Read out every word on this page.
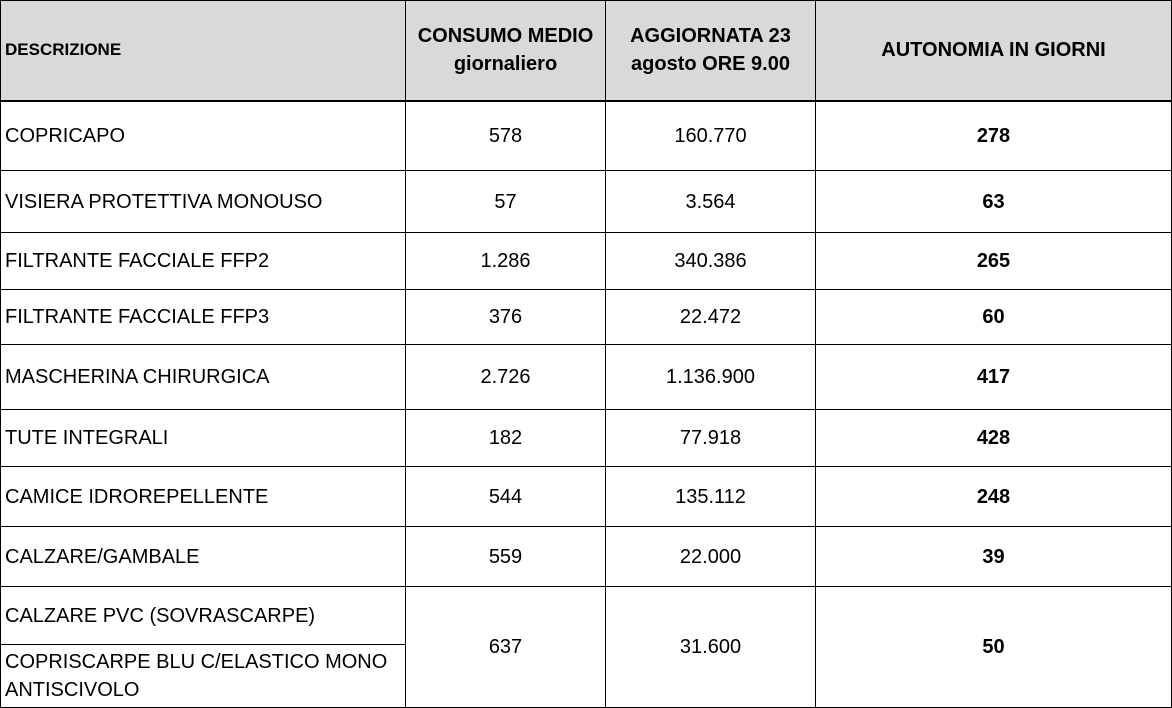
DESCRIZIONE	CONSUMO MEDIO giornaliero	AGGIORNATA 23 agosto ORE 9.00	AUTONOMIA IN GIORNI
COPRICAPO	578	160.770	278
VISIERA PROTETTIVA MONOUSO	57	3.564	63
FILTRANTE FACCIALE FFP2	1.286	340.386	265
FILTRANTE FACCIALE FFP3	376	22.472	60
MASCHERINA CHIRURGICA	2.726	1.136.900	417
TUTE INTEGRALI	182	77.918	428
CAMICE IDROREPELLENTE	544	135.112	248
CALZARE/GAMBALE	559	22.000	39
CALZARE PVC (SOVRASCARPE)	637	31.600	50
COPRISCARPE BLU C/ELASTICO MONO ANTISCIVOLO			
